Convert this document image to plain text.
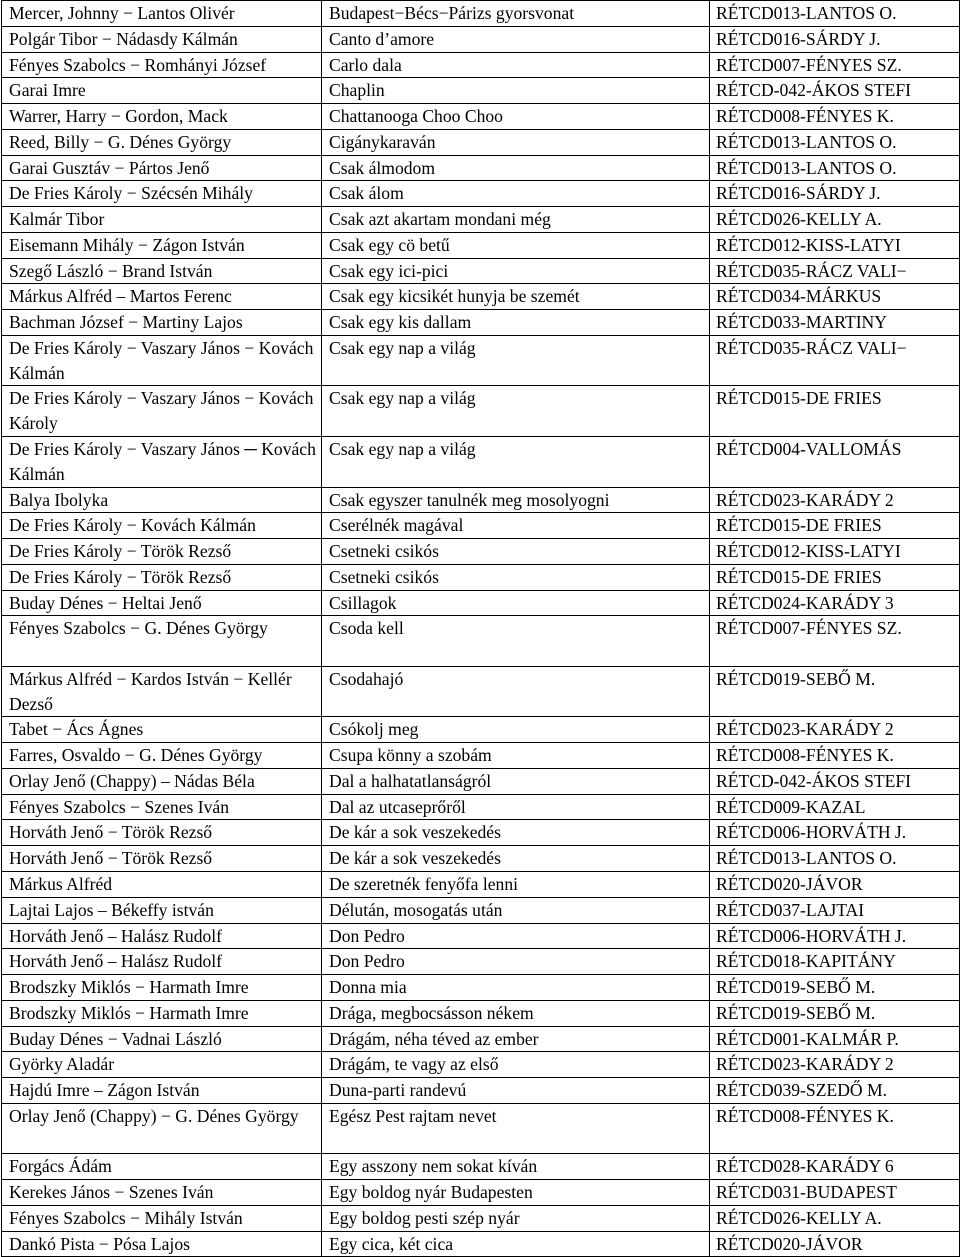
Mercer, Johnny − Lantos Olivér	Budapest−Bécs−Párizs gyorsvonat	RÉTCD013-LANTOS O.
Polgár Tibor − Nádasdy Kálmán	Canto d’amore	RÉTCD016-SÁRDY J.
Fényes Szabolcs − Romhányi József	Carlo dala	RÉTCD007-FÉNYES SZ.
Garai Imre	Chaplin	RÉTCD-042-ÁKOS STEFI
Warrer, Harry − Gordon, Mack	Chattanooga Choo Choo	RÉTCD008-FÉNYES K.
Reed, Billy − G. Dénes György	Cigánykaraván	RÉTCD013-LANTOS O.
Garai Gusztáv − Pártos Jenő	Csak álmodom	RÉTCD013-LANTOS O.
De Fries Károly − Szécsén Mihály	Csak álom	RÉTCD016-SÁRDY J.
Kalmár Tibor	Csak azt akartam mondani még	RÉTCD026-KELLY A.
Eisemann Mihály − Zágon István	Csak egy cö betű	RÉTCD012-KISS-LATYI
Szegő László − Brand István	Csak egy ici-pici	RÉTCD035-RÁCZ VALI−
Márkus Alfréd – Martos Ferenc	Csak egy kicsikét hunyja be szemét	RÉTCD034-MÁRKUS
Bachman József − Martiny Lajos	Csak egy kis dallam	RÉTCD033-MARTINY
De Fries Károly − Vaszary János − Kovách Kálmán	Csak egy nap a világ	RÉTCD035-RÁCZ VALI−
De Fries Károly − Vaszary János − Kovách Károly	Csak egy nap a világ	RÉTCD015-DE FRIES
De Fries Károly − Vaszary János ─ Kovách Kálmán	Csak egy nap a világ	RÉTCD004-VALLOMÁS
Balya Ibolyka	Csak egyszer tanulnék meg mosolyogni	RÉTCD023-KARÁDY 2
De Fries Károly − Kovách Kálmán	Cserélnék magával	RÉTCD015-DE FRIES
De Fries Károly − Török Rezső	Csetneki csikós	RÉTCD012-KISS-LATYI
De Fries Károly − Török Rezső	Csetneki csikós	RÉTCD015-DE FRIES
Buday Dénes − Heltai Jenő	Csillagok	RÉTCD024-KARÁDY 3
Fényes Szabolcs − G. Dénes György	Csoda kell	RÉTCD007-FÉNYES SZ.
Márkus Alfréd − Kardos István − Kellér Dezső	Csodahajó	RÉTCD019-SEBŐ M.
Tabet − Ács Ágnes	Csókolj meg	RÉTCD023-KARÁDY 2
Farres, Osvaldo − G. Dénes György	Csupa könny a szobám	RÉTCD008-FÉNYES K.
Orlay Jenő (Chappy) – Nádas Béla	Dal a halhatatlanságról	RÉTCD-042-ÁKOS STEFI
Fényes Szabolcs − Szenes Iván	Dal az utcaseprőről	RÉTCD009-KAZAL
Horváth Jenő − Török Rezső	De kár a sok veszekedés	RÉTCD006-HORVÁTH J.
Horváth Jenő − Török Rezső	De kár a sok veszekedés	RÉTCD013-LANTOS O.
Márkus Alfréd	De szeretnék fenyőfa lenni	RÉTCD020-JÁVOR
Lajtai Lajos – Békeffy istván	Délután, mosogatás után	RÉTCD037-LAJTAI
Horváth Jenő – Halász Rudolf	Don Pedro	RÉTCD006-HORVÁTH J.
Horváth Jenő – Halász Rudolf	Don Pedro	RÉTCD018-KAPITÁNY
Brodszky Miklós − Harmath Imre	Donna mia	RÉTCD019-SEBŐ M.
Brodszky Miklós − Harmath Imre	Drága, megbocsásson nékem	RÉTCD019-SEBŐ M.
Buday Dénes − Vadnai László	Drágám, néha téved az ember	RÉTCD001-KALMÁR P.
Györky Aladár	Drágám, te vagy az első	RÉTCD023-KARÁDY 2
Hajdú Imre – Zágon István	Duna-parti randevú	RÉTCD039-SZEDŐ M.
Orlay Jenő (Chappy) − G. Dénes György	Egész Pest rajtam nevet	RÉTCD008-FÉNYES K.
Forgács Ádám	Egy asszony nem sokat kíván	RÉTCD028-KARÁDY 6
Kerekes János − Szenes Iván	Egy boldog nyár Budapesten	RÉTCD031-BUDAPEST
Fényes Szabolcs − Mihály István	Egy boldog pesti szép nyár	RÉTCD026-KELLY A.
Dankó Pista − Pósa Lajos	Egy cica, két cica	RÉTCD020-JÁVOR
